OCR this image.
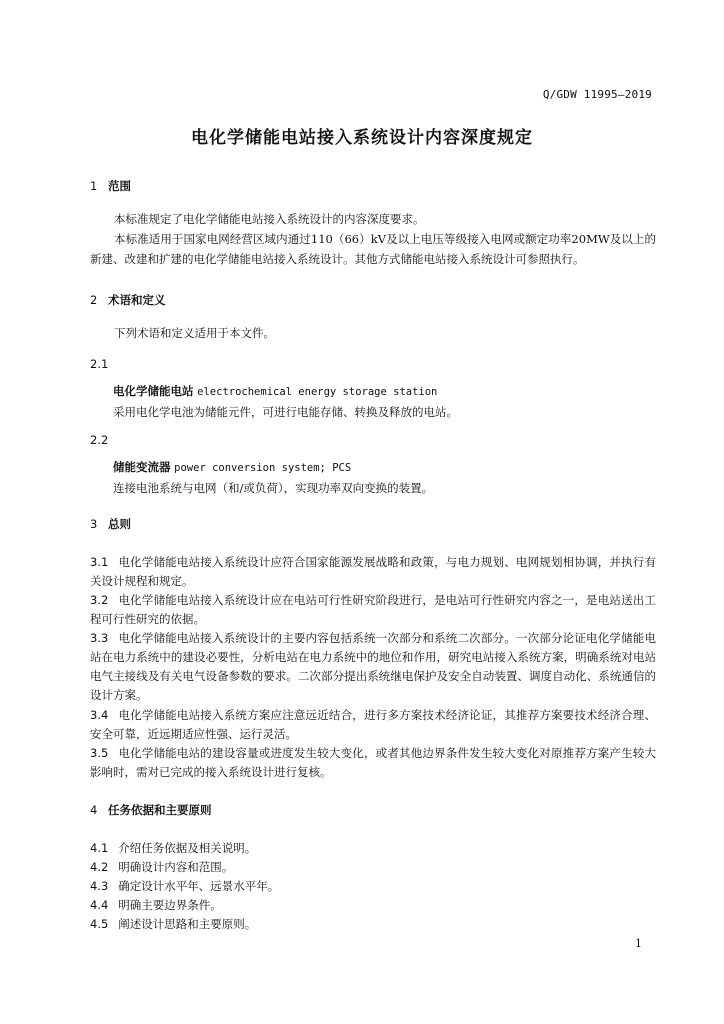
Q/GDW 11995—2019
电化学储能电站接入系统设计内容深度规定
1 范围
本标准规定了电化学储能电站接入系统设计的内容深度要求。
本标准适用于国家电网经营区域内通过110（66）kV及以上电压等级接入电网或额定功率20MW及以上的新建、改建和扩建的电化学储能电站接入系统设计。其他方式储能电站接入系统设计可参照执行。
2 术语和定义
下列术语和定义适用于本文件。
2.1
电化学储能电站 electrochemical energy storage station
采用电化学电池为储能元件，可进行电能存储、转换及释放的电站。
2.2
储能变流器 power conversion system; PCS
连接电池系统与电网（和/或负荷），实现功率双向变换的装置。
3 总则
3.1 电化学储能电站接入系统设计应符合国家能源发展战略和政策，与电力规划、电网规划相协调，并执行有关设计规程和规定。
3.2 电化学储能电站接入系统设计应在电站可行性研究阶段进行，是电站可行性研究内容之一，是电站送出工程可行性研究的依据。
3.3 电化学储能电站接入系统设计的主要内容包括系统一次部分和系统二次部分。一次部分论证电化学储能电站在电力系统中的建设必要性，分析电站在电力系统中的地位和作用，研究电站接入系统方案，明确系统对电站电气主接线及有关电气设备参数的要求。二次部分提出系统继电保护及安全自动装置、调度自动化、系统通信的设计方案。
3.4 电化学储能电站接入系统方案应注意远近结合，进行多方案技术经济论证，其推荐方案要技术经济合理、安全可靠，近远期适应性强、运行灵活。
3.5 电化学储能电站的建设容量或进度发生较大变化，或者其他边界条件发生较大变化对原推荐方案产生较大影响时，需对已完成的接入系统设计进行复核。
4 任务依据和主要原则
4.1 介绍任务依据及相关说明。
4.2 明确设计内容和范围。
4.3 确定设计水平年、远景水平年。
4.4 明确主要边界条件。
4.5 阐述设计思路和主要原则。
1
